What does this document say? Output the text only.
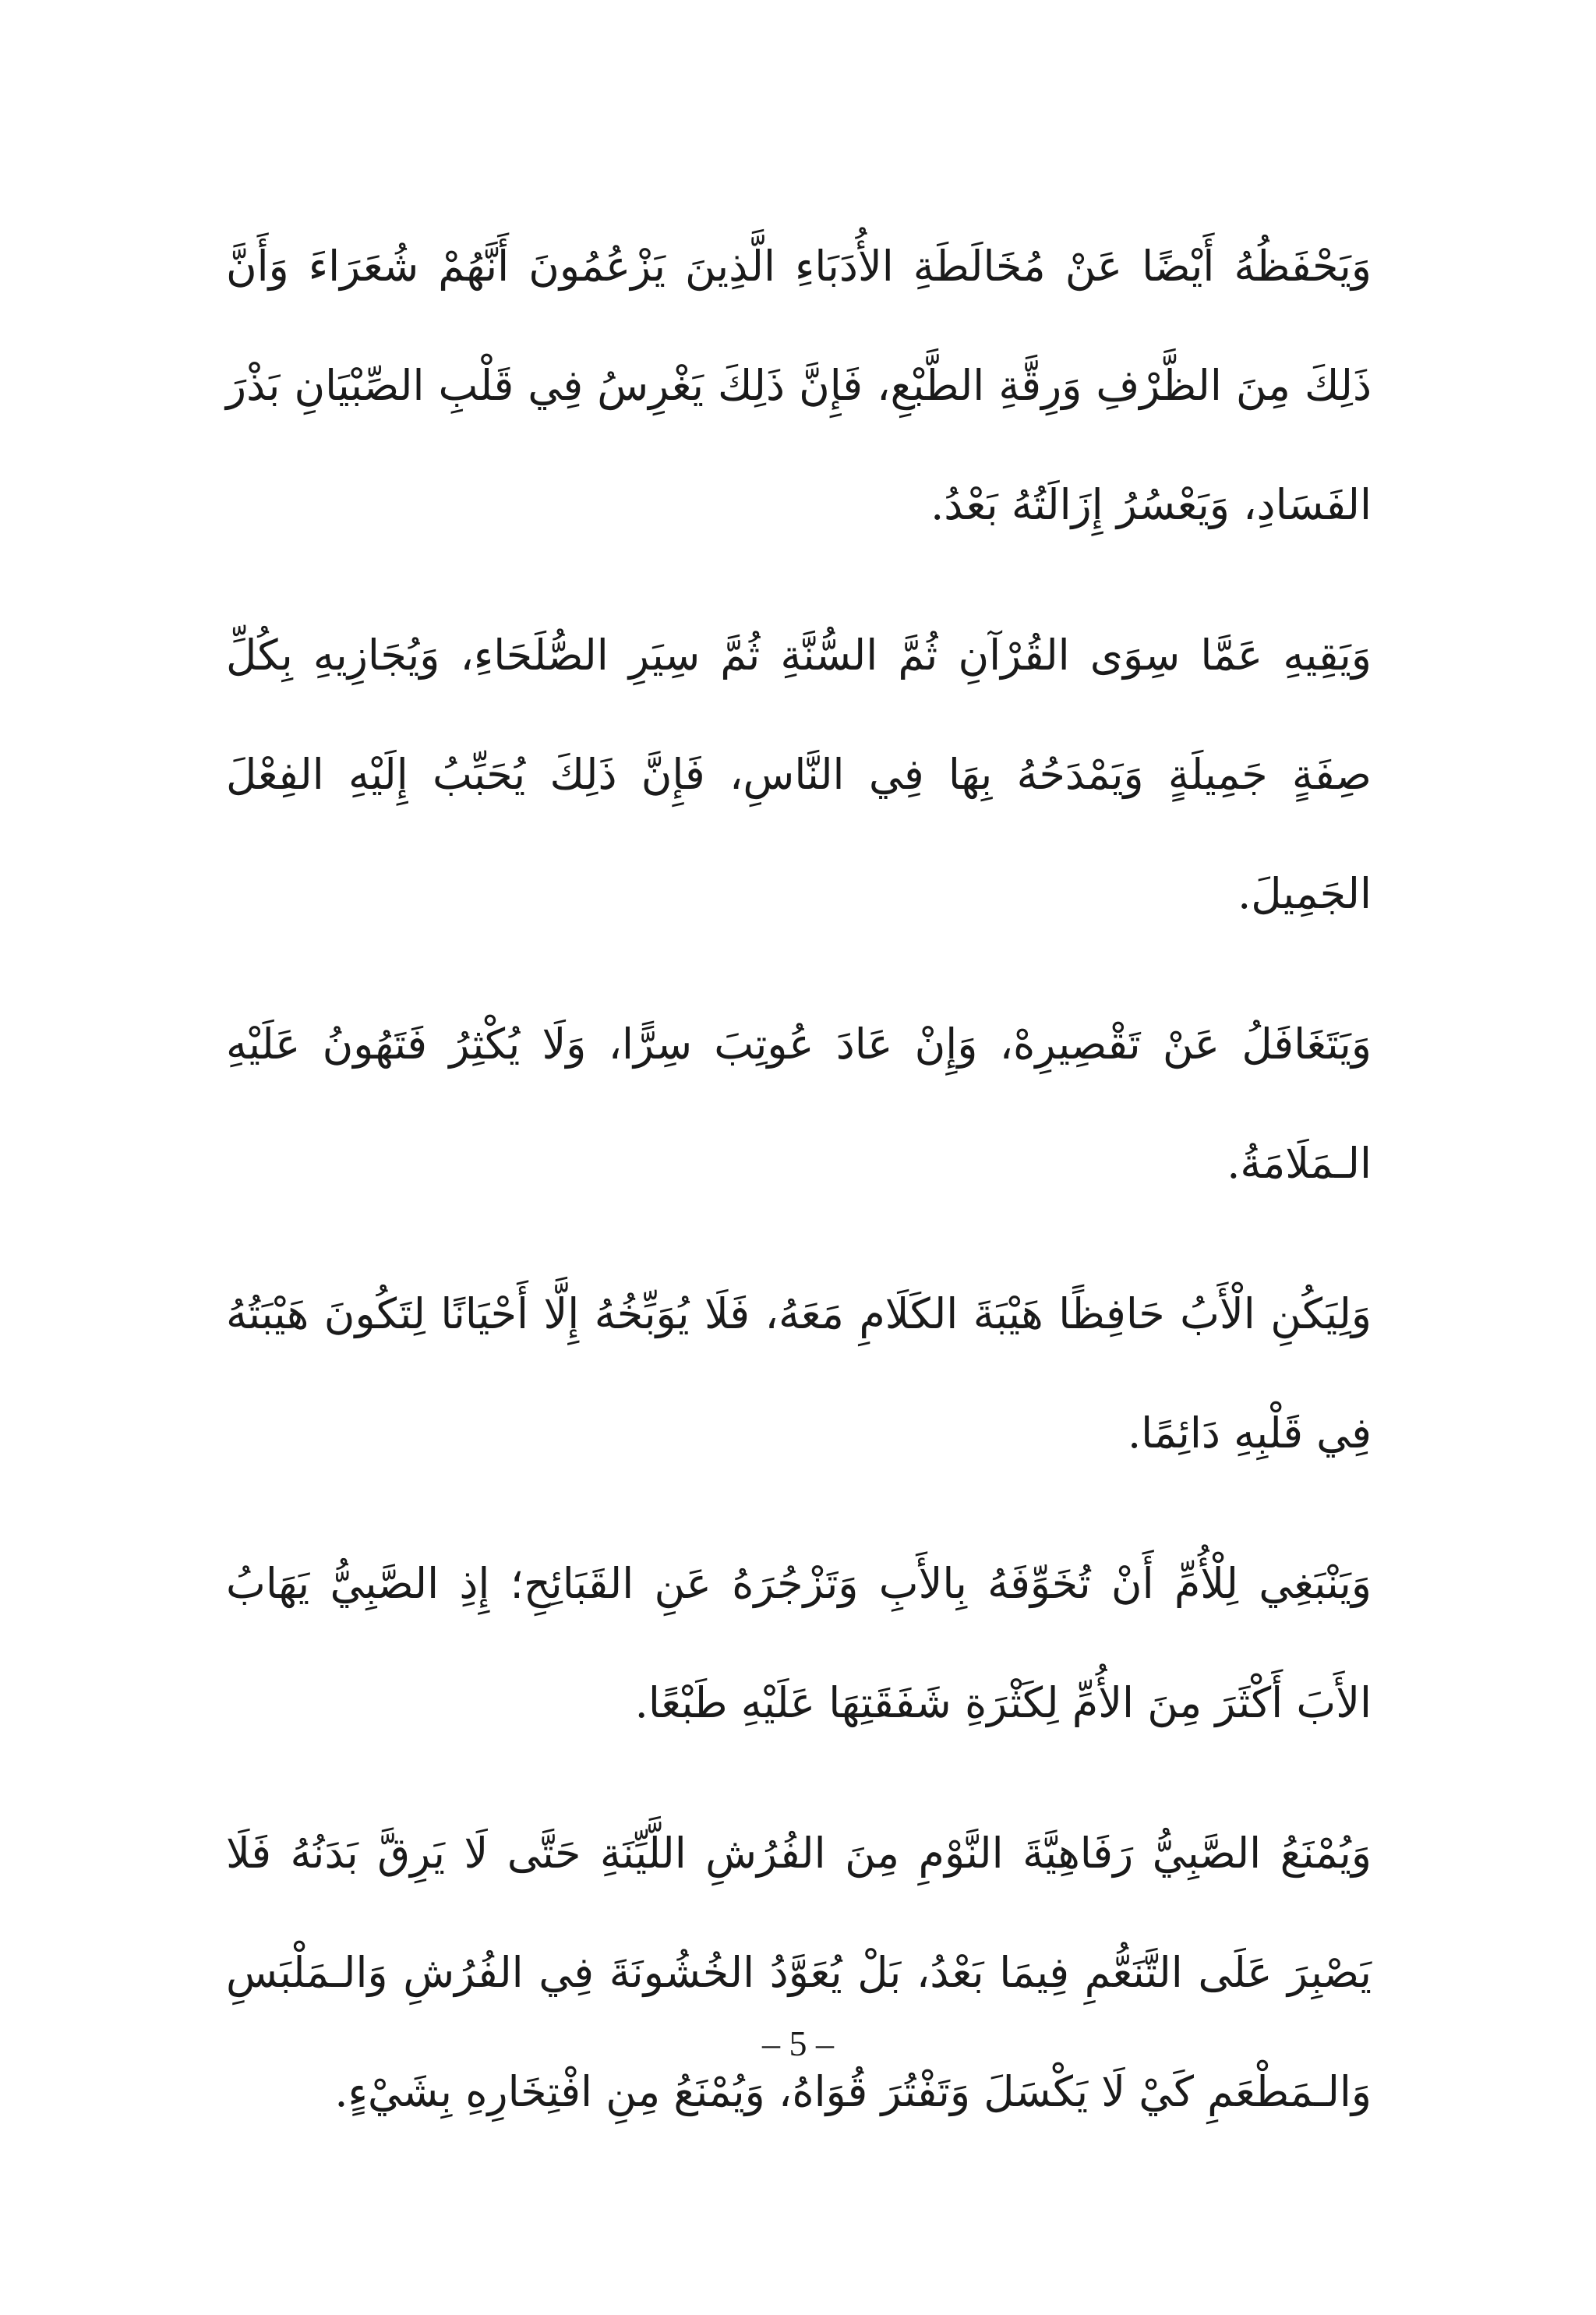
وَيَحْفَظُهُ أَيْضًا عَنْ مُخَالَطَةِ الأُدَبَاءِ الَّذِينَ يَزْعُمُونَ أَنَّهُمْ شُعَرَاءَ وَأَنَّ ذَلِكَ مِنَ الظَّرْفِ وَرِقَّةِ الطَّبْعِ، فَإِنَّ ذَلِكَ يَغْرِسُ فِي قَلْبِ الصِّبْيَانِ بَذْرَ الفَسَادِ، وَيَعْسُرُ إِزَالَتُهُ بَعْدُ.

وَيَقِيهِ عَمَّا سِوَى القُرْآنِ ثُمَّ السُّنَّةِ ثُمَّ سِيَرِ الصُّلَحَاءِ، وَيُجَازِيهِ بِكُلِّ صِفَةٍ جَمِيلَةٍ وَيَمْدَحُهُ بِهَا فِي النَّاسِ، فَإِنَّ ذَلِكَ يُحَبِّبُ إِلَيْهِ الفِعْلَ الجَمِيلَ.

وَيَتَغَافَلُ عَنْ تَقْصِيرِهْ، وَإِنْ عَادَ عُوتِبَ سِرًّا، وَلَا يُكْثِرُ فَتَهُونُ عَلَيْهِ الـمَلَامَةُ.

وَلِيَكُنِ الْأَبُ حَافِظًا هَيْبَةَ الكَلَامِ مَعَهُ، فَلَا يُوَبِّخُهُ إِلَّا أَحْيَانًا لِتَكُونَ هَيْبَتُهُ فِي قَلْبِهِ دَائِمًا.

وَيَنْبَغِي لِلْأُمِّ أَنْ تُخَوِّفَهُ بِالأَبِ وَتَزْجُرَهُ عَنِ القَبَائِحِ؛ إِذِ الصَّبِيُّ يَهَابُ الأَبَ أَكْثَرَ مِنَ الأُمِّ لِكَثْرَةِ شَفَقَتِهَا عَلَيْهِ طَبْعًا.

وَيُمْنَعُ الصَّبِيُّ رَفَاهِيَّةَ النَّوْمِ مِنَ الفُرُشِ اللَّيِّنَةِ حَتَّى لَا يَرِقَّ بَدَنُهُ فَلَا يَصْبِرَ عَلَى التَّنَعُّمِ فِيمَا بَعْدُ، بَلْ يُعَوَّدُ الخُشُونَةَ فِي الفُرُشِ وَالـمَلْبَسِ وَالـمَطْعَمِ كَيْ لَا يَكْسَلَ وَتَفْتُرَ قُوَاهُ، وَيُمْنَعُ مِنِ افْتِخَارِهِ بِشَيْءٍ.

– 5 –
